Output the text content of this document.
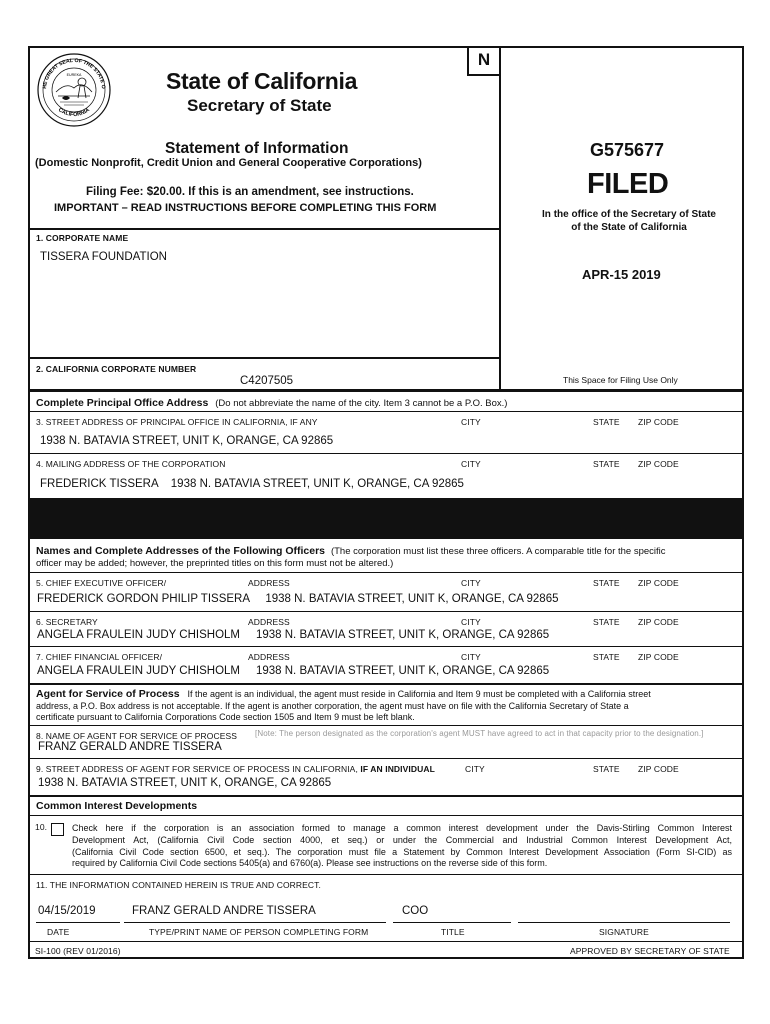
N
HE GREAT SEAL OF THE STATE O
CALIFORNIA
EUREKA	State of California
Secretary of State
Statement of Information
(Domestic Nonprofit, Credit Union and General Cooperative Corporations)
Filing Fee: $20.00. If this is an amendment, see instructions.
IMPORTANT – READ INSTRUCTIONS BEFORE COMPLETING THIS FORM
G575677
FILED
In the office of the Secretary of State
of the State of California
APR-15 2019
This Space for Filing Use Only
1. CORPORATE NAME
TISSERA FOUNDATION
2. CALIFORNIA CORPORATE NUMBER
C4207505
Complete Principal Office Address (Do not abbreviate the name of the city. Item 3 cannot be a P.O. Box.)
3. STREET ADDRESS OF PRINCIPAL OFFICE IN CALIFORNIA, IF ANY	CITY	STATE ZIP CODE
1938 N. BATAVIA STREET, UNIT K, ORANGE, CA 92865
4. MAILING ADDRESS OF THE CORPORATION	CITY	STATE ZIP CODE
FREDERICK TISSERA    1938 N. BATAVIA STREET, UNIT K, ORANGE, CA 92865
Names and Complete Addresses of the Following Officers (The corporation must list these three officers. A comparable title for the specific
officer may be added; however, the preprinted titles on this form must not be altered.)
5. CHIEF EXECUTIVE OFFICER/	ADDRESS	CITY	STATE ZIP CODE
FREDERICK GORDON PHILIP TISSERA     1938 N. BATAVIA STREET, UNIT K, ORANGE, CA 92865
6. SECRETARY	ADDRESS	CITY	STATE ZIP CODE
ANGELA FRAULEIN JUDY CHISHOLM     1938 N. BATAVIA STREET, UNIT K, ORANGE, CA 92865
7. CHIEF FINANCIAL OFFICER/	ADDRESS	CITY	STATE ZIP CODE
ANGELA FRAULEIN JUDY CHISHOLM     1938 N. BATAVIA STREET, UNIT K, ORANGE, CA 92865
Agent for Service of Process If the agent is an individual, the agent must reside in California and Item 9 must be completed with a California street
address, a P.O. Box address is not acceptable. If the agent is another corporation, the agent must have on file with the California Secretary of State a
certificate pursuant to California Corporations Code section 1505 and Item 9 must be left blank.
8. NAME OF AGENT FOR SERVICE OF PROCESS [Note: The person designated as the corporation's agent MUST have agreed to act in that capacity prior to the designation.]
FRANZ GERALD ANDRE TISSERA
9. STREET ADDRESS OF AGENT FOR SERVICE OF PROCESS IN CALIFORNIA, IF AN INDIVIDUAL	CITY	STATE ZIP CODE
1938 N. BATAVIA STREET, UNIT K, ORANGE, CA 92865
Common Interest Developments
10.	Check here if the corporation is an association formed to manage a common interest development under the Davis-Stirling Common Interest
Development Act, (California Civil Code section 4000, et seq.) or under the Commercial and Industrial Common Interest Development Act,
(California Civil Code section 6500, et seq.). The corporation must file a Statement by Common Interest Development Association (Form SI-CID) as
required by California Civil Code sections 5405(a) and 6760(a). Please see instructions on the reverse side of this form.
11. THE INFORMATION CONTAINED HEREIN IS TRUE AND CORRECT.
04/15/2019	FRANZ GERALD ANDRE TISSERA	COO
DATE	TYPE/PRINT NAME OF PERSON COMPLETING FORM	TITLE	SIGNATURE
SI-100 (REV 01/2016)	APPROVED BY SECRETARY OF STATE
